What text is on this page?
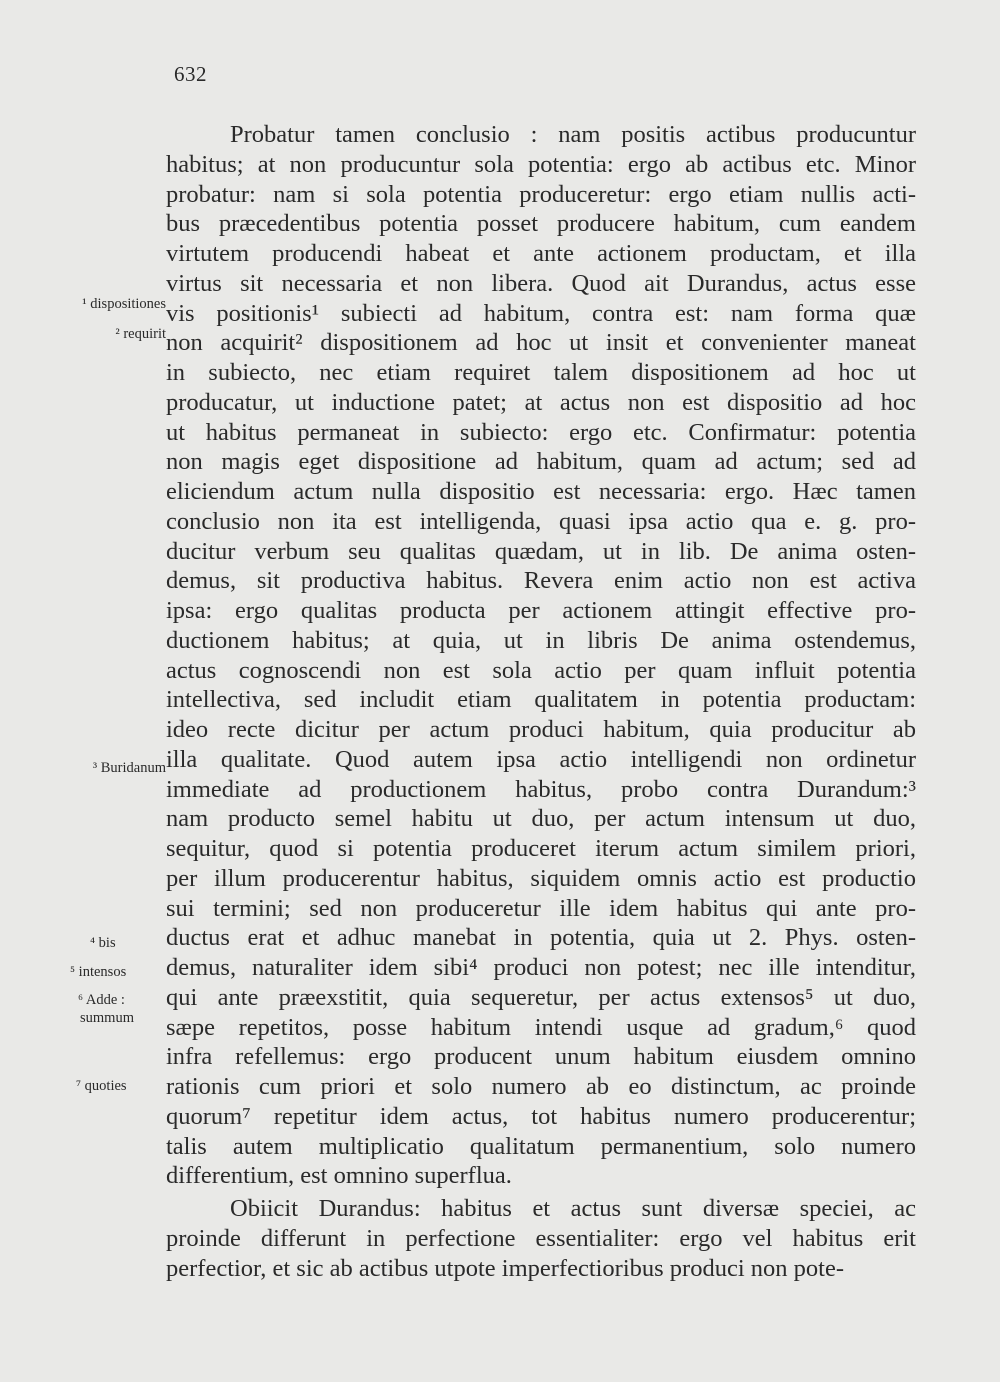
632
Probatur tamen conclusio : nam positis actibus producuntur
habitus; at non producuntur sola potentia: ergo ab actibus etc. Minor
probatur: nam si sola potentia produceretur: ergo etiam nullis acti-
bus præcedentibus potentia posset producere habitum, cum eandem
virtutem producendi habeat et ante actionem productam, et illa
virtus sit necessaria et non libera. Quod ait Durandus, actus esse
vis positionis¹ subiecti ad habitum, contra est: nam forma quæ
non acquirit² dispositionem ad hoc ut insit et convenienter maneat
in subiecto, nec etiam requiret talem dispositionem ad hoc ut
producatur, ut inductione patet; at actus non est dispositio ad hoc
ut habitus permaneat in subiecto: ergo etc. Confirmatur: potentia
non magis eget dispositione ad habitum, quam ad actum; sed ad
eliciendum actum nulla dispositio est necessaria: ergo. Hæc tamen
conclusio non ita est intelligenda, quasi ipsa actio qua e. g. pro-
ducitur verbum seu qualitas quædam, ut in lib. De anima osten-
demus, sit productiva habitus. Revera enim actio non est activa
ipsa: ergo qualitas producta per actionem attingit effective pro-
ductionem habitus; at quia, ut in libris De anima ostendemus,
actus cognoscendi non est sola actio per quam influit potentia
intellectiva, sed includit etiam qualitatem in potentia productam:
ideo recte dicitur per actum produci habitum, quia producitur ab
illa qualitate. Quod autem ipsa actio intelligendi non ordinetur
immediate ad productionem habitus, probo contra Durandum:³
nam producto semel habitu ut duo, per actum intensum ut duo,
sequitur, quod si potentia produceret iterum actum similem priori,
per illum producerentur habitus, siquidem omnis actio est productio
sui termini; sed non produceretur ille idem habitus qui ante pro-
ductus erat et adhuc manebat in potentia, quia ut 2. Phys. osten-
demus, naturaliter idem sibi⁴ produci non potest; nec ille intenditur,
qui ante præexstitit, quia sequeretur, per actus extensos⁵ ut duo,
sæpe repetitos, posse habitum intendi usque ad gradum,⁶ quod
infra refellemus: ergo producent unum habitum eiusdem omnino
rationis cum priori et solo numero ab eo distinctum, ac proinde
quorum⁷ repetitur idem actus, tot habitus numero producerentur;
talis autem multiplicatio qualitatum permanentium, solo numero
differentium, est omnino superflua.
Obiicit Durandus: habitus et actus sunt diversæ speciei, ac
proinde differunt in perfectione essentialiter: ergo vel habitus erit
perfectior, et sic ab actibus utpote imperfectioribus produci non pote-
¹ dispositiones
² requirit
³ Buridanum
⁴ bis
⁵ intensos
⁶ Adde :
summum
⁷ quoties
